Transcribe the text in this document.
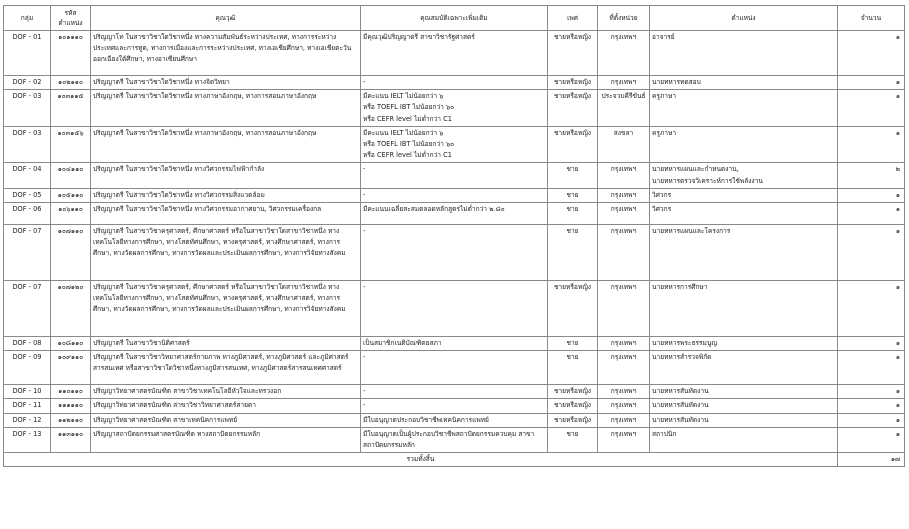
กลุ่ม	รหัสตำแหน่ง	คุณวุฒิ	คุณสมบัติเฉพาะเพิ่มเติม	เพศ	ที่ตั้งหน่วย	ตำแหน่ง	จำนวน
DOF - 01	๑๐๑๑๑๐	ปริญญาโท ในสาขาวิชาใดวิชาหนึ่ง ทางความสัมพันธ์ระหว่างประเทศ, ทางการระหว่างประเทศและการทูต, ทางการเมืองและการระหว่างประเทศ, ทางเอเชียศึกษา, ทางเอเชียตะวันออกเฉียงใต้ศึกษา, ทางอาเซียนศึกษา	มีคุณวุฒิปริญญาตรี สาขาวิชารัฐศาสตร์	ชายหรือหญิง	กรุงเทพฯ	อาจารย์	๑
DOF - 02	๑๐๒๑๑๐	ปริญญาตรี ในสาขาวิชาใดวิชาหนึ่ง ทางจิตวิทยา	-	ชายหรือหญิง	กรุงเทพฯ	นายทหารทดสอบ	๑
DOF - 03	๑๐๓๑๑๕	ปริญญาตรี ในสาขาวิชาใดวิชาหนึ่ง ทางภาษาอังกฤษ, ทางการสอนภาษาอังกฤษ	มีคะแนน IELT ไม่น้อยกว่า ๖
หรือ TOEFL IBT ไม่น้อยกว่า ๖๐
หรือ CEFR level ไม่ต่ำกว่า C1	ชายหรือหญิง	ประจวบคีรีขันธ์	ครูภาษา	๑
DOF - 03	๑๐๓๑๕๖	ปริญญาตรี ในสาขาวิชาใดวิชาหนึ่ง ทางภาษาอังกฤษ, ทางการสอนภาษาอังกฤษ	มีคะแนน IELT ไม่น้อยกว่า ๖
หรือ TOEFL IBT ไม่น้อยกว่า ๖๐
หรือ CEFR level ไม่ต่ำกว่า C1	ชายหรือหญิง	สงขลา	ครูภาษา	๑
DOF - 04	๑๐๔๑๑๐	ปริญญาตรี ในสาขาวิชาใดวิชาหนึ่ง ทางวิศวกรรมไฟฟ้ากำลัง	-	ชาย	กรุงเทพฯ	นายทหารแผนและกำหนดงาน,
นายทหารตรวจวิเคราะห์การใช้พลังงาน	๒
DOF - 05	๑๐๕๑๑๐	ปริญญาตรี ในสาขาวิชาใดวิชาหนึ่ง ทางวิศวกรรมสิ่งแวดล้อม	-	ชาย	กรุงเทพฯ	วิศวกร	๑
DOF - 06	๑๐๖๑๑๐	ปริญญาตรี ในสาขาวิชาใดวิชาหนึ่ง ทางวิศวกรรมอากาศยาน, วิศวกรรมเครื่องกล	มีคะแนนเฉลี่ยสะสมตลอดหลักสูตรไม่ต่ำกว่า ๒.๘๐	ชาย	กรุงเทพฯ	วิศวกร	๑
DOF - 07	๑๐๗๑๑๐	ปริญญาตรี ในสาขาวิชาครุศาสตร์, ศึกษาศาสตร์ หรือในสาขาวิชาใดสาขาวิชาหนึ่ง ทางเทคโนโลยีทางการศึกษา, ทางโสตทัศนศึกษา, ทางครุศาสตร์, ทางศึกษาศาสตร์, ทางการศึกษา, ทางวัดผลการศึกษา, ทางการวัดผลและประเมินผลการศึกษา, ทางการวิจัยทางสังคม	-	ชาย	กรุงเทพฯ	นายทหารแผนและโครงการ	๑
DOF - 07	๑๐๗๑๒๐	ปริญญาตรี ในสาขาวิชาครุศาสตร์, ศึกษาศาสตร์ หรือในสาขาวิชาใดสาขาวิชาหนึ่ง ทางเทคโนโลยีทางการศึกษา, ทางโสตทัศนศึกษา, ทางครุศาสตร์, ทางศึกษาศาสตร์, ทางการศึกษา, ทางวัดผลการศึกษา, ทางการวัดผลและประเมินผลการศึกษา, ทางการวิจัยทางสังคม	-	ชายหรือหญิง	กรุงเทพฯ	นายทหารการศึกษา	๑
DOF - 08	๑๐๘๑๑๐	ปริญญาตรี ในสาขาวิชานิติศาสตร์	เป็นสมาชิกเนติบัณฑิตยสภา	ชาย	กรุงเทพฯ	นายทหารพระธรรมนูญ	๑
DOF - 09	๑๐๙๑๑๐	ปริญญาตรี ในสาขาวิชาวิทยาศาสตร์กายภาพ ทางภูมิศาสตร์, ทางภูมิศาสตร์ และภูมิศาสตร์สารสนเทศ หรือสาขาวิชาใดวิชาหนึ่งทางภูมิสารสนเทศ, ทางภูมิศาสตร์สารสนเทศศาสตร์	-	ชาย	กรุงเทพฯ	นายทหารสำรวจพิกัด	๑
DOF - 10	๑๑๐๑๑๐	ปริญญาวิทยาศาสตรบัณฑิต สาขาวิชาเทคโนโลยีหัวใจและทรวงอก	-	ชายหรือหญิง	กรุงเทพฯ	นายทหารสันทัดงาน	๑
DOF - 11	๑๑๑๑๑๐	ปริญญาวิทยาศาสตรบัณฑิต สาขาวิชาวิทยาศาสตร์สายตา	-	ชายหรือหญิง	กรุงเทพฯ	นายทหารสันทัดงาน	๑
DOF - 12	๑๑๒๑๑๐	ปริญญาวิทยาศาสตรบัณฑิต สาขาเทคนิคการแพทย์	มีใบอนุญาตประกอบวิชาชีพเทคนิคการแพทย์	ชายหรือหญิง	กรุงเทพฯ	นายทหารสันทัดงาน	๑
DOF - 13	๑๑๓๑๑๐	ปริญญาสถาปัตยกรรมศาสตรบัณฑิต ทางสถาปัตยกรรมหลัก	มีใบอนุญาตเป็นผู้ประกอบวิชาชีพสถาปัตยกรรมควบคุม สาขาสถาปัตยกรรมหลัก	ชาย	กรุงเทพฯ	สถาปนิก	๑
รวมทั้งสิ้น							๑๗
